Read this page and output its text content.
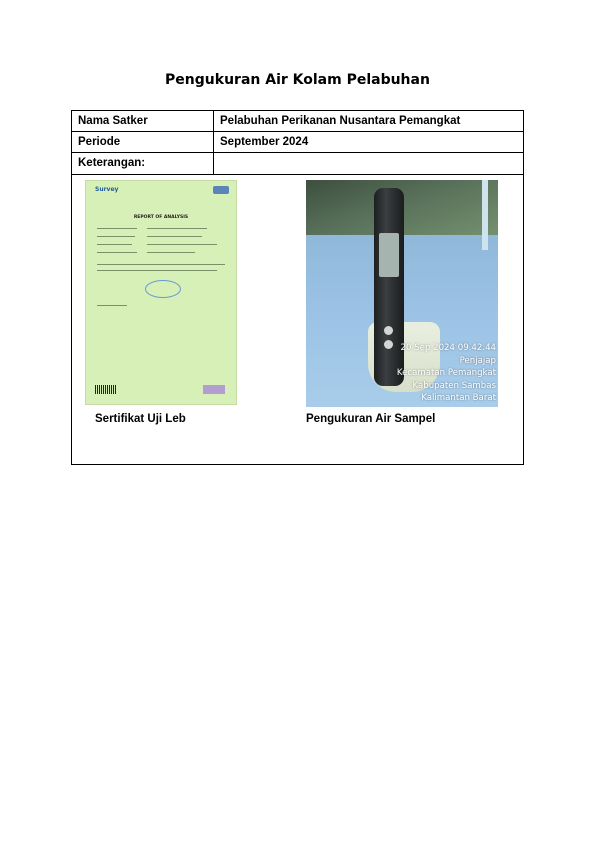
Pengukuran Air Kolam Pelabuhan
Nama Satker	Pelabuhan Perikanan Nusantara Pemangkat
Periode	September 2024
Keterangan:
Survey
REPORT OF ANALYSIS
20 Sep 2024 09.42.44
Penjajap
Kecamatan Pemangkat
Kabupaten Sambas
Kalimantan Barat
Sertifikat Uji Leb	Pengukuran Air Sampel
